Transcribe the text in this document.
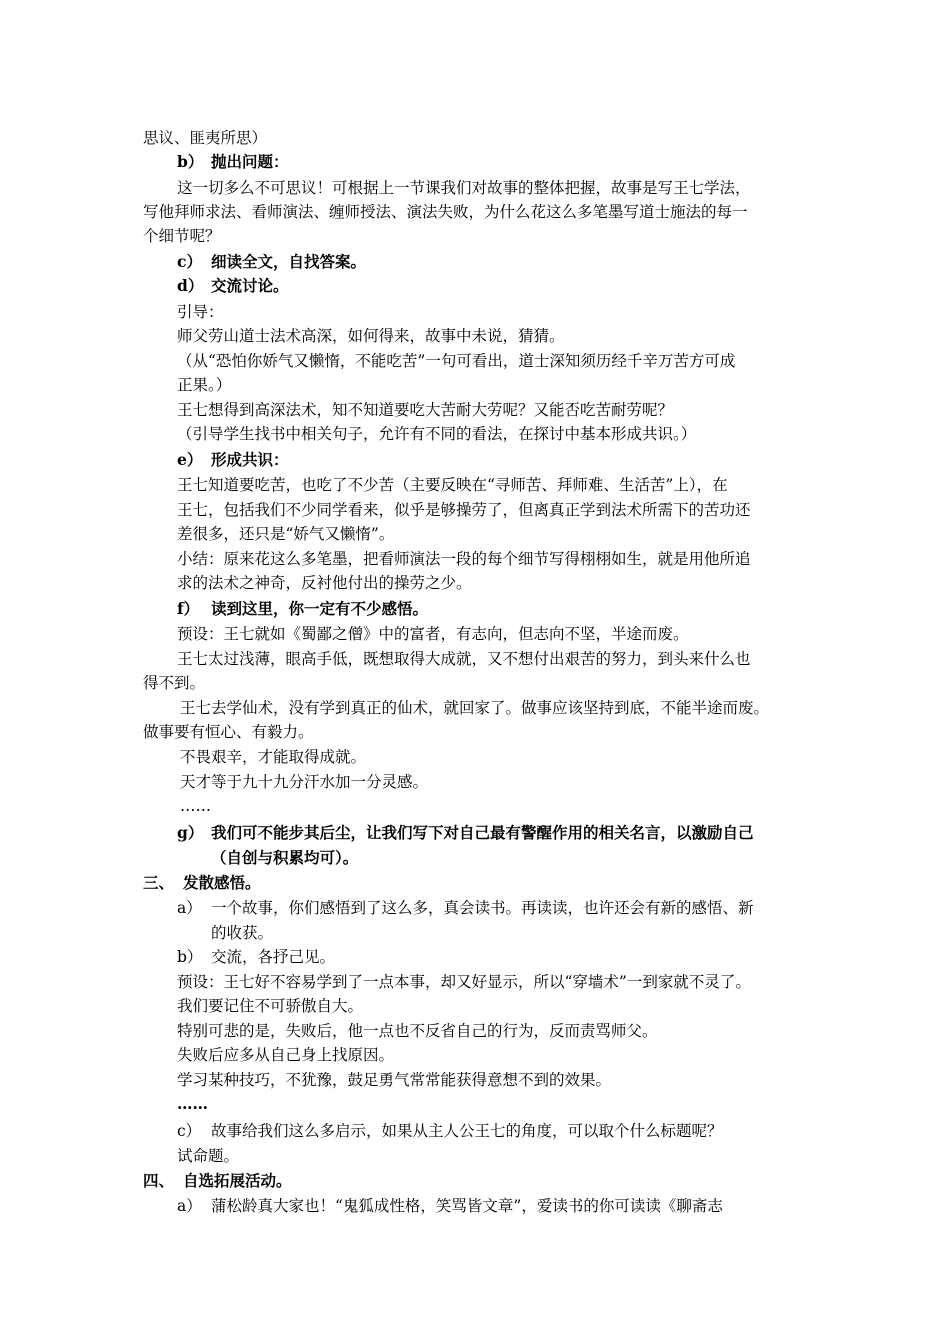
思议、匪夷所思）
b） 抛出问题：
这一切多么不可思议！可根据上一节课我们对故事的整体把握，故事是写王七学法，
写他拜师求法、看师演法、缠师授法、演法失败，为什么花这么多笔墨写道士施法的每一
个细节呢？
c） 细读全文，自找答案。
d） 交流讨论。
引导：
师父劳山道士法术高深，如何得来，故事中未说，猜猜。
（从“恐怕你娇气又懒惰，不能吃苦”一句可看出，道士深知须历经千辛万苦方可成
正果。）
王七想得到高深法术，知不知道要吃大苦耐大劳呢？又能否吃苦耐劳呢？
（引导学生找书中相关句子，允许有不同的看法，在探讨中基本形成共识。）
e） 形成共识：
王七知道要吃苦，也吃了不少苦（主要反映在“寻师苦、拜师难、生活苦”上），在
王七，包括我们不少同学看来，似乎是够操劳了，但离真正学到法术所需下的苦功还
差很多，还只是“娇气又懒惰”。
小结：原来花这么多笔墨，把看师演法一段的每个细节写得栩栩如生，就是用他所追
求的法术之神奇，反衬他付出的操劳之少。
f） 读到这里，你一定有不少感悟。
预设：王七就如《蜀鄙之僧》中的富者，有志向，但志向不坚，半途而废。
王七太过浅薄，眼高手低，既想取得大成就，又不想付出艰苦的努力，到头来什么也
得不到。
王七去学仙术，没有学到真正的仙术，就回家了。做事应该坚持到底，不能半途而废。
做事要有恒心、有毅力。
不畏艰辛，才能取得成就。
天才等于九十九分汗水加一分灵感。
……
g） 我们可不能步其后尘，让我们写下对自己最有警醒作用的相关名言，以激励自己
（自创与积累均可）。
三、 发散感悟。
a） 一个故事，你们感悟到了这么多，真会读书。再读读，也许还会有新的感悟、新
的收获。
b） 交流，各抒己见。
预设：王七好不容易学到了一点本事，却又好显示，所以“穿墙术”一到家就不灵了。
我们要记住不可骄傲自大。
特别可悲的是，失败后，他一点也不反省自己的行为，反而责骂师父。
失败后应多从自己身上找原因。
学习某种技巧，不犹豫，鼓足勇气常常能获得意想不到的效果。
……
c） 故事给我们这么多启示，如果从主人公王七的角度，可以取个什么标题呢？
试命题。
四、 自选拓展活动。
a） 蒲松龄真大家也！“鬼狐成性格，笑骂皆文章”，爱读书的你可读读《聊斋志
